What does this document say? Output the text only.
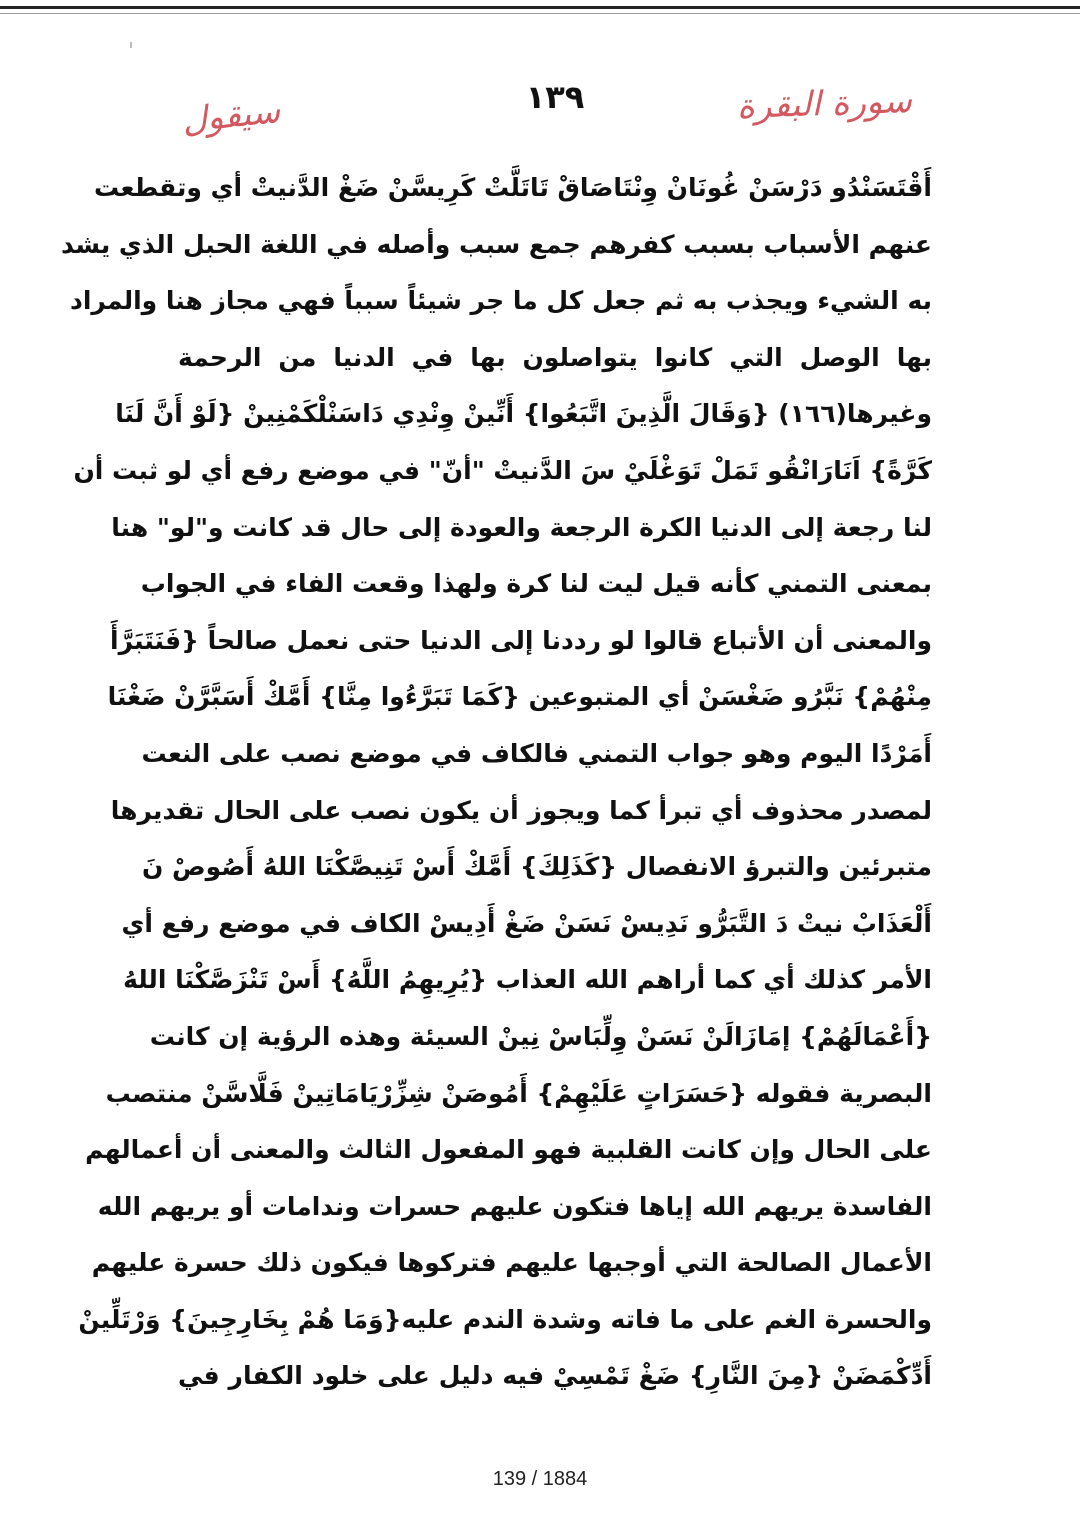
سورة البقرة
١٣٩
سيقول
أَقْتَسَنْدُو دَرْسَنْ غُونَانْ وِنْتَاصَاقْ تَاتَلَّتْ كَرِيسَّنْ ضَغْ الدَّنيتْ أي وتقطعت
عنهم الأسباب بسبب كفرهم جمع سبب وأصله في اللغة الحبل الذي يشد
به الشيء ويجذب به ثم جعل كل ما جر شيئاً سبباً فهي مجاز هنا والمراد
بها الوصل التي كانوا يتواصلون بها في الدنيا من الرحمة
وغيرها(١٦٦) {وَقَالَ الَّذِينَ اتَّبَعُوا} أَنِّينْ وِنْدِي دَاسَنْلْكَمْنِينْ {لَوْ أَنَّ لَنَا
كَرَّةً} اَنَارَانْقُو تَمَلْ تَوَغْلَيْ سَ الدَّنيتْ "أنّ" في موضع رفع أي لو ثبت أن
لنا رجعة إلى الدنيا الكرة الرجعة والعودة إلى حال قد كانت و"لو" هنا
بمعنى التمني كأنه قيل ليت لنا كرة ولهذا وقعت الفاء في الجواب
والمعنى أن الأتباع قالوا لو رددنا إلى الدنيا حتى نعمل صالحاً {فَنَتَبَرَّأَ
مِنْهُمْ} نَبَّرُو ضَغْسَنْ أي المتبوعين {كَمَا تَبَرَّءُوا مِنَّا} أَمَّكْ أَسَبَّرَّنْ ضَغْنَا
أَمَرْدًا اليوم وهو جواب التمني فالكاف في موضع نصب على النعت
لمصدر محذوف أي تبرأ كما ويجوز أن يكون نصب على الحال تقديرها
متبرئين والتبرؤ الانفصال {كَذَلِكَ} أَمَّكْ أَسْ تَنِيصَّكْنَا اللهُ أَصُوصْ نَ
أَلْعَذَابْ نيتْ دَ التَّبَرُّو نَدِيسْ نَسَنْ ضَغْ أَدِيسْ الكاف في موضع رفع أي
الأمر كذلك أي كما أراهم الله العذاب {يُرِيهِمُ اللَّهُ} أَسْ تَنْزَصَّكْنَا اللهُ
{أَعْمَالَهُمْ} إمَازَالَنْ نَسَنْ وِلِّبَاسْ نِينْ السيئة وهذه الرؤية إن كانت
البصرية فقوله {حَسَرَاتٍ عَلَيْهِمْ} أَمُوصَنْ شِزِّرْيَامَاتِينْ فَلَّاسَّنْ منتصب
على الحال وإن كانت القلبية فهو المفعول الثالث والمعنى أن أعمالهم
الفاسدة يريهم الله إياها فتكون عليهم حسرات وندامات أو يريهم الله
الأعمال الصالحة التي أوجبها عليهم فتركوها فيكون ذلك حسرة عليهم
والحسرة الغم على ما فاته وشدة الندم عليه{وَمَا هُمْ بِخَارِجِينَ} وَرْتَلِّينْ
أَدِّكْمَضَنْ {مِنَ النَّارِ} ضَغْ تَمْسِيْ فيه دليل على خلود الكفار في
139 / 1884
